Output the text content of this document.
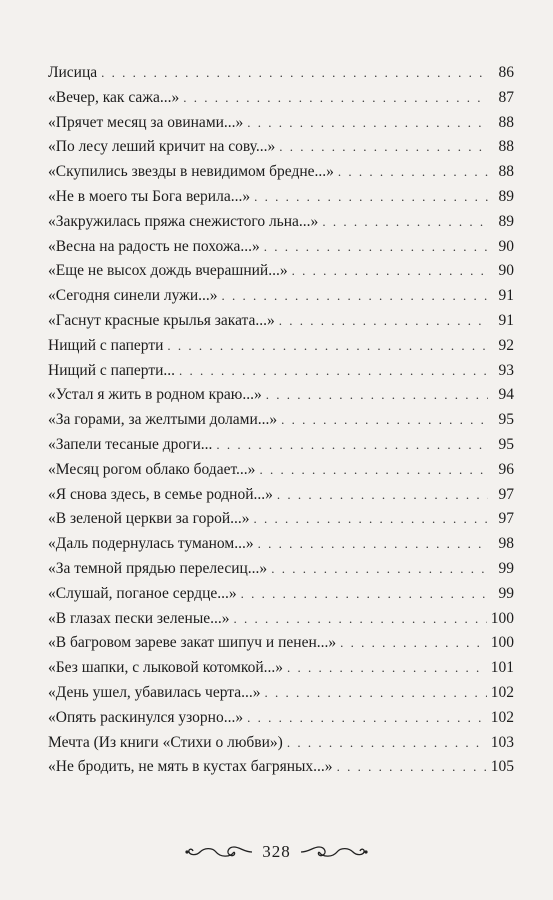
Лисица . . .	86
«Вечер, как сажа...» . . .	87
«Прячет месяц за овинами...» . . .	88
«По лесу леший кричит на сову...» . . .	88
«Скупились звезды в невидимом бредне...» . . .	88
«Не в моего ты Бога верила...» . . .	89
«Закружилась пряжа снежистого льна...» . . .	89
«Весна на радость не похожа...» . . .	90
«Еще не высох дождь вчерашний...» . . .	90
«Сегодня синели лужи...» . . .	91
«Гаснут красные крылья заката...» . . .	91
Нищий с паперти . . .	92
Нищий с паперти... . . .	93
«Устал я жить в родном краю...» . . .	94
«За горами, за желтыми долами...» . . .	95
«Запели тесаные дроги... . . .	95
«Месяц рогом облако бодает...» . . .	96
«Я снова здесь, в семье родной...» . . .	97
«В зеленой церкви за горой...» . . .	97
«Даль подернулась туманом...» . . .	98
«За темной прядью перелесиц...» . . .	99
«Слушай, поганое сердце...» . . .	99
«В глазах пески зеленые...» . . .	100
«В багровом зареве закат шипуч и пенен...» . . .	100
«Без шапки, с лыковой котомкой...» . . .	101
«День ушел, убавилась черта...» . . .	102
«Опять раскинулся узорно...» . . .	102
Мечта (Из книги «Стихи о любви») . . .	103
«Не бродить, не мять в кустах багряных...» . . .	105
328
